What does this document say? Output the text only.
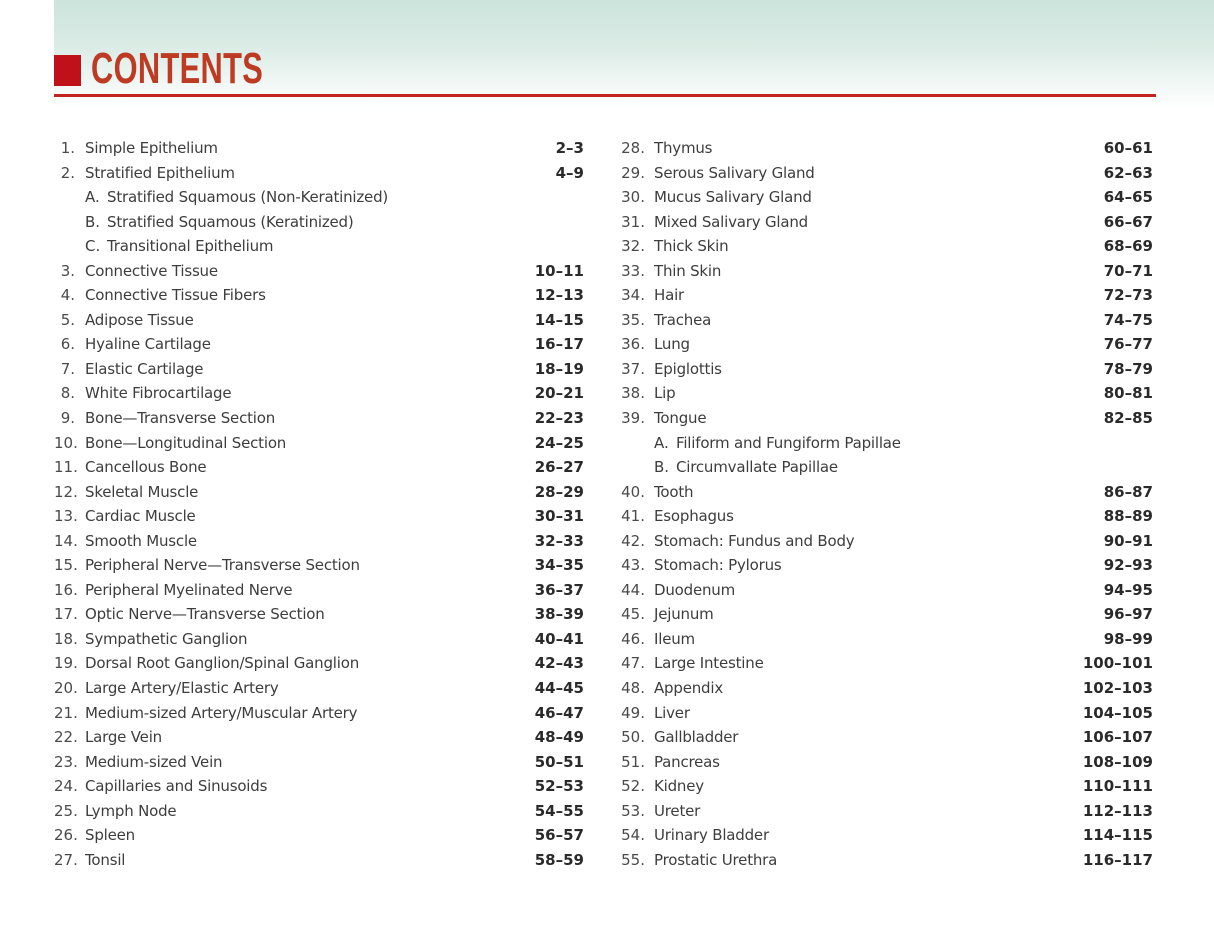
CONTENTS
1. Simple Epithelium	2–3
2. Stratified Epithelium	4–9
A. Stratified Squamous (Non-Keratinized)
B. Stratified Squamous (Keratinized)
C. Transitional Epithelium
3. Connective Tissue	10–11
4. Connective Tissue Fibers	12–13
5. Adipose Tissue	14–15
6. Hyaline Cartilage	16–17
7. Elastic Cartilage	18–19
8. White Fibrocartilage	20–21
9. Bone—Transverse Section	22–23
10. Bone—Longitudinal Section	24–25
11. Cancellous Bone	26–27
12. Skeletal Muscle	28–29
13. Cardiac Muscle	30–31
14. Smooth Muscle	32–33
15. Peripheral Nerve—Transverse Section	34–35
16. Peripheral Myelinated Nerve	36–37
17. Optic Nerve—Transverse Section	38–39
18. Sympathetic Ganglion	40–41
19. Dorsal Root Ganglion/Spinal Ganglion	42–43
20. Large Artery/Elastic Artery	44–45
21. Medium-sized Artery/Muscular Artery	46–47
22. Large Vein	48–49
23. Medium-sized Vein	50–51
24. Capillaries and Sinusoids	52–53
25. Lymph Node	54–55
26. Spleen	56–57
27. Tonsil	58–59
28. Thymus	60–61
29. Serous Salivary Gland	62–63
30. Mucus Salivary Gland	64–65
31. Mixed Salivary Gland	66–67
32. Thick Skin	68–69
33. Thin Skin	70–71
34. Hair	72–73
35. Trachea	74–75
36. Lung	76–77
37. Epiglottis	78–79
38. Lip	80–81
39. Tongue	82–85
A. Filiform and Fungiform Papillae
B. Circumvallate Papillae
40. Tooth	86–87
41. Esophagus	88–89
42. Stomach: Fundus and Body	90–91
43. Stomach: Pylorus	92–93
44. Duodenum	94–95
45. Jejunum	96–97
46. Ileum	98–99
47. Large Intestine	100–101
48. Appendix	102–103
49. Liver	104–105
50. Gallbladder	106–107
51. Pancreas	108–109
52. Kidney	110–111
53. Ureter	112–113
54. Urinary Bladder	114–115
55. Prostatic Urethra	116–117
